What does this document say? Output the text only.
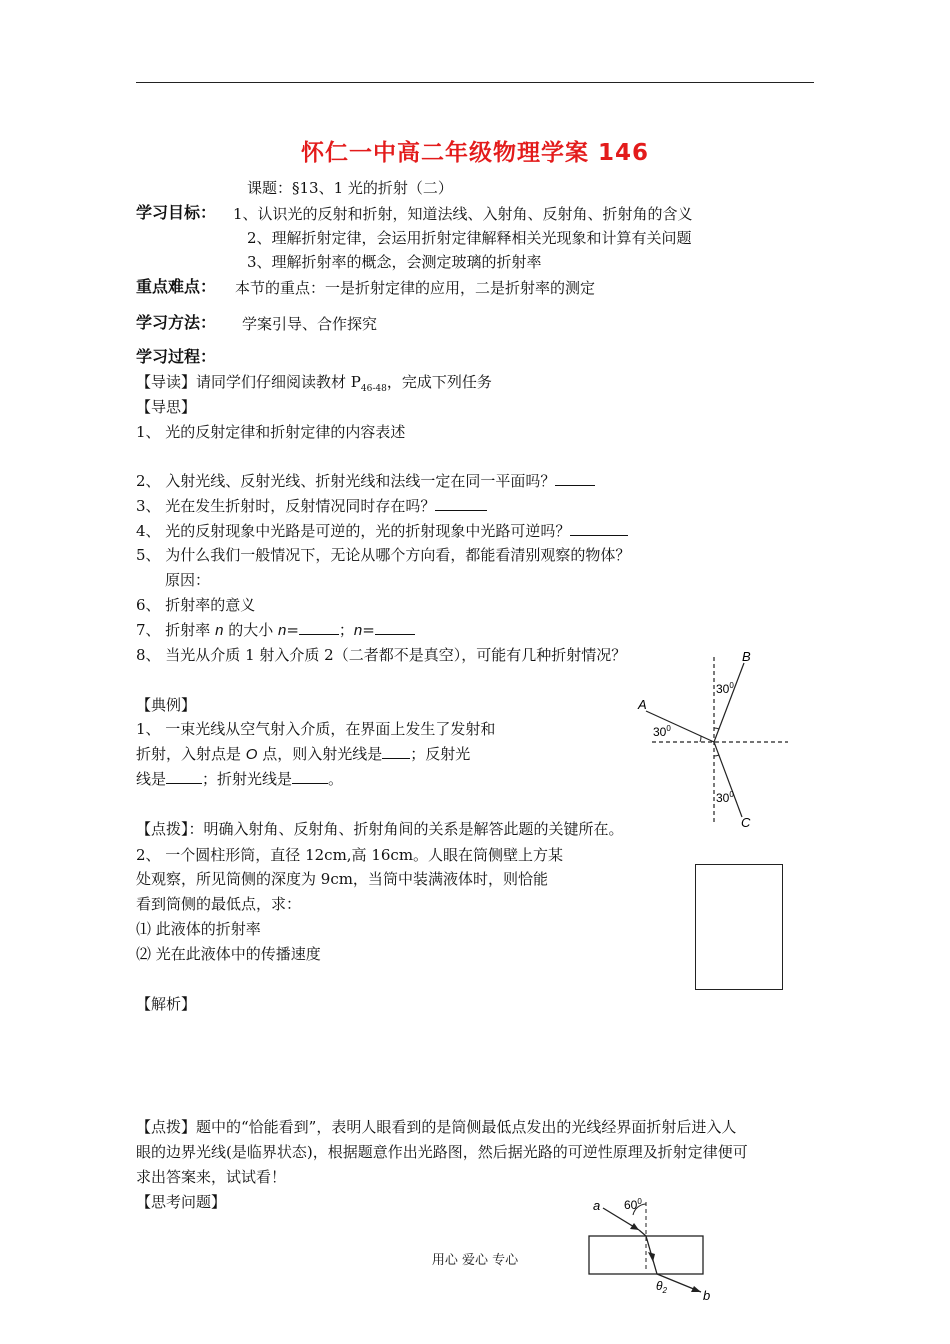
怀仁一中高二年级物理学案 146
课题：§13、1 光的折射（二）
学习目标： 1、认识光的反射和折射，知道法线、入射角、反射角、折射角的含义
2、理解折射定律，会运用折射定律解释相关光现象和计算有关问题
3、理解折射率的概念，会测定玻璃的折射率
重点难点： 本节的重点：一是折射定律的应用，二是折射率的测定
学习方法： 学案引导、合作探究
学习过程：
【导读】请同学们仔细阅读教材 $P_{46-48}$，完成下列任务
【导思】
1、 光的反射定律和折射定律的内容表述
2、 入射光线、反射光线、折射光线和法线一定在同一平面吗？
3、 光在发生折射时，反射情况同时存在吗？
4、 光的反射现象中光路是可逆的，光的折射现象中光路可逆吗？
5、 为什么我们一般情况下，无论从哪个方向看，都能看清别观察的物体？
原因：
6、 折射率的意义
7、 折射率 n 的大小 n=	；n=
8、 当光从介质 1 射入介质 2（二者都不是真空），可能有几种折射情况？
【典例】
1、 一束光线从空气射入介质，在界面上发生了发射和
折射，入射点是 O 点，则入射光线是 ；反射光
线是 ；折射光线是 。
A
B
C
$30^0$
$30^0$
$30^0$
【点拨】：明确入射角、反射角、折射角间的关系是解答此题的关键所在。
2、 一个圆柱形筒，直径 12cm,高 16cm。人眼在筒侧壁上方某
处观察，所见筒侧的深度为 9cm，当筒中装满液体时，则恰能
看到筒侧的最低点，求：
⑴ 此液体的折射率
⑵ 光在此液体中的传播速度
【解析】
【点拨】题中的“恰能看到”，表明人眼看到的是筒侧最低点发出的光线经界面折射后进入人
眼的边界光线(是临界状态)，根据题意作出光路图，然后据光路的可逆性原理及折射定律便可
求出答案来，试试看！
【思考问题】	a
b
$60^0$
$\theta_2$
用心 爱心 专心
